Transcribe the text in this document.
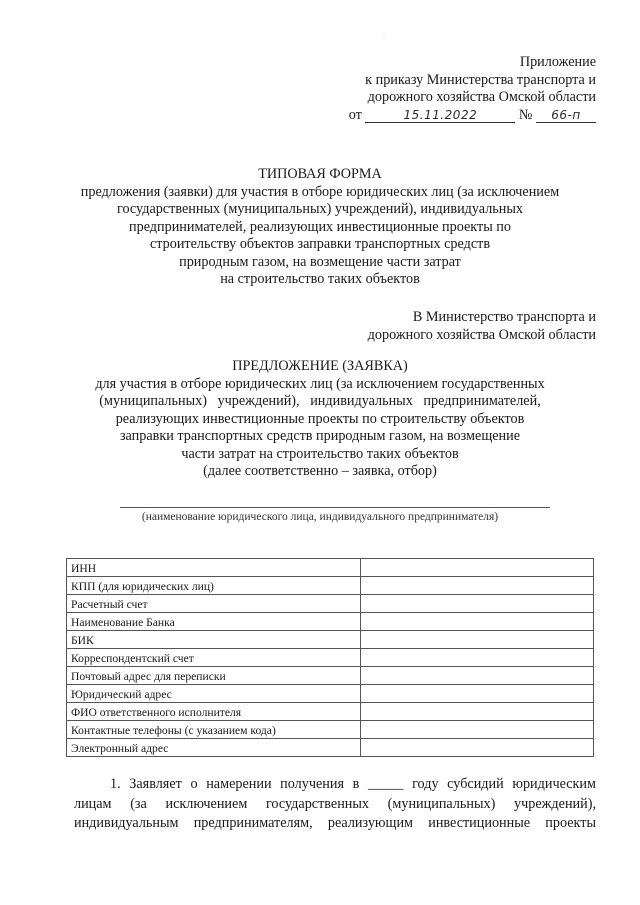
·
Приложение
к приказу Министерства транспорта и
дорожного хозяйства Омской области
от	15.11.2022	№ 66-п
ТИПОВАЯ ФОРМА
предложения (заявки) для участия в отборе юридических лиц (за исключением
государственных (муниципальных) учреждений), индивидуальных
предпринимателей, реализующих инвестиционные проекты по
строительству объектов заправки транспортных средств
природным газом, на возмещение части затрат
на строительство таких объектов
В Министерство транспорта и
дорожного хозяйства Омской области
ПРЕДЛОЖЕНИЕ (ЗАЯВКА)
для участия в отборе юридических лиц (за исключением государственных
(муниципальных)   учреждений),   индивидуальных   предпринимателей,
реализующих инвестиционные проекты по строительству объектов
заправки транспортных средств природным газом, на возмещение
части затрат на строительство таких объектов
(далее соответственно – заявка, отбор)
(наименование юридического лица, индивидуального предпринимателя)
ИНН	
КПП (для юридических лиц)	
Расчетный счет	
Наименование Банка	
БИК	
Корреспондентский счет	
Почтовый адрес для переписки	
Юридический адрес	
ФИО ответственного исполнителя	
Контактные телефоны (с указанием кода)	
Электронный адрес	
1. Заявляет о намерении получения в _____ году субсидий юридическим
лицам (за исключением государственных (муниципальных) учреждений),
индивидуальным предпринимателям, реализующим инвестиционные проекты
